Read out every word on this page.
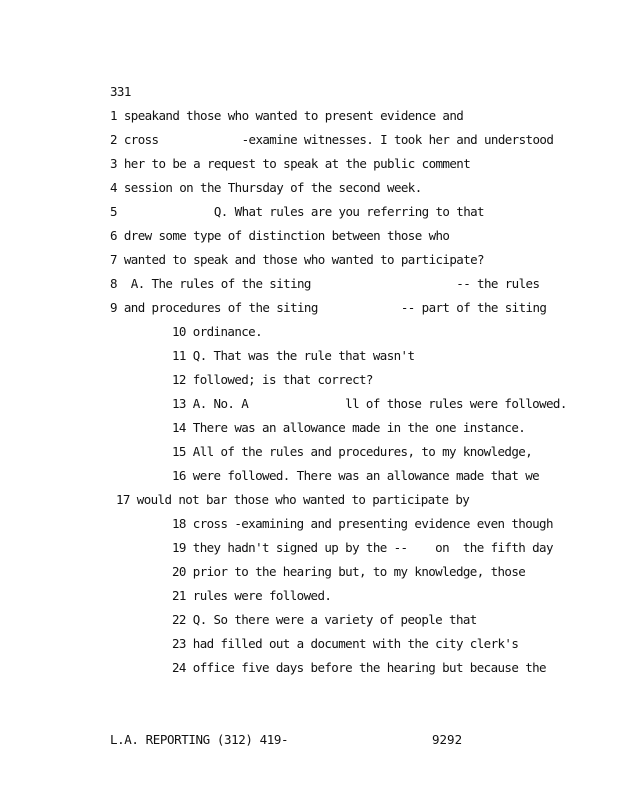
331
1 speakand those who wanted to present evidence and
2 cross            -examine witnesses. I took her and understood
3 her to be a request to speak at the public comment
4 session on the Thursday of the second week.
5              Q. What rules are you referring to that
6 drew some type of distinction between those who
7 wanted to speak and those who wanted to participate?
8  A. The rules of the siting                     -- the rules
9 and procedures of the siting            -- part of the siting
10 ordinance.
11 Q. That was the rule that wasn't
12 followed; is that correct?
13 A. No. A              ll of those rules were followed.
14 There was an allowance made in the one instance.
15 All of the rules and procedures, to my knowledge,
16 were followed. There was an allowance made that we
17 would not bar those who wanted to participate by
18 cross -examining and presenting evidence even though
19 they hadn't signed up by the --    on  the fifth day
20 prior to the hearing but, to my knowledge, those
21 rules were followed.
22 Q. So there were a variety of people that
23 had filled out a document with the city clerk's
24 office five days before the hearing but because the
L.A. REPORTING (312) 419-	9292
